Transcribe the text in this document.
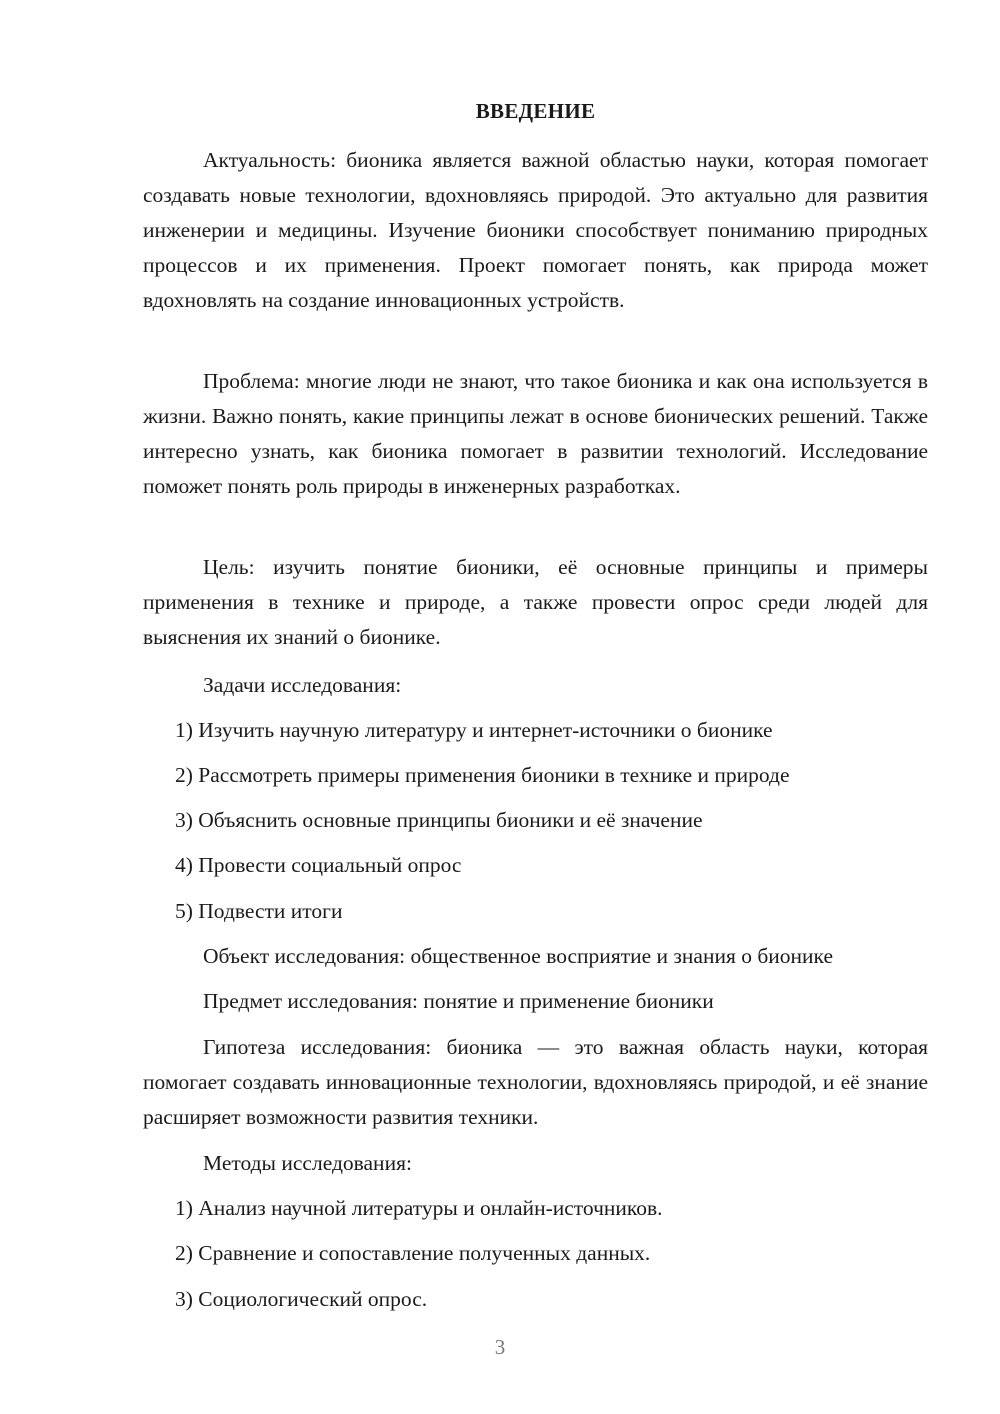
ВВЕДЕНИЕ

Актуальность: бионика является важной областью науки, которая помогает создавать новые технологии, вдохновляясь природой. Это актуально для развития инженерии и медицины. Изучение бионики способствует пониманию природных процессов и их применения. Проект помогает понять, как природа может вдохновлять на создание инновационных устройств.

Проблема: многие люди не знают, что такое бионика и как она используется в жизни. Важно понять, какие принципы лежат в основе бионических решений. Также интересно узнать, как бионика помогает в развитии технологий. Исследование поможет понять роль природы в инженерных разработках.

Цель: изучить понятие бионики, её основные принципы и примеры применения в технике и природе, а также провести опрос среди людей для выяснения их знаний о бионике.

Задачи исследования:
1) Изучить научную литературу и интернет-источники о бионике
2) Рассмотреть примеры применения бионики в технике и природе
3) Объяснить основные принципы бионики и её значение
4) Провести социальный опрос
5) Подвести итоги
Объект исследования: общественное восприятие и знания о бионике
Предмет исследования: понятие и применение бионики

Гипотеза исследования: бионика — это важная область науки, которая помогает создавать инновационные технологии, вдохновляясь природой, и её знание расширяет возможности развития техники.

Методы исследования:
1) Анализ научной литературы и онлайн-источников.
2) Сравнение и сопоставление полученных данных.
3) Социологический опрос.
3
